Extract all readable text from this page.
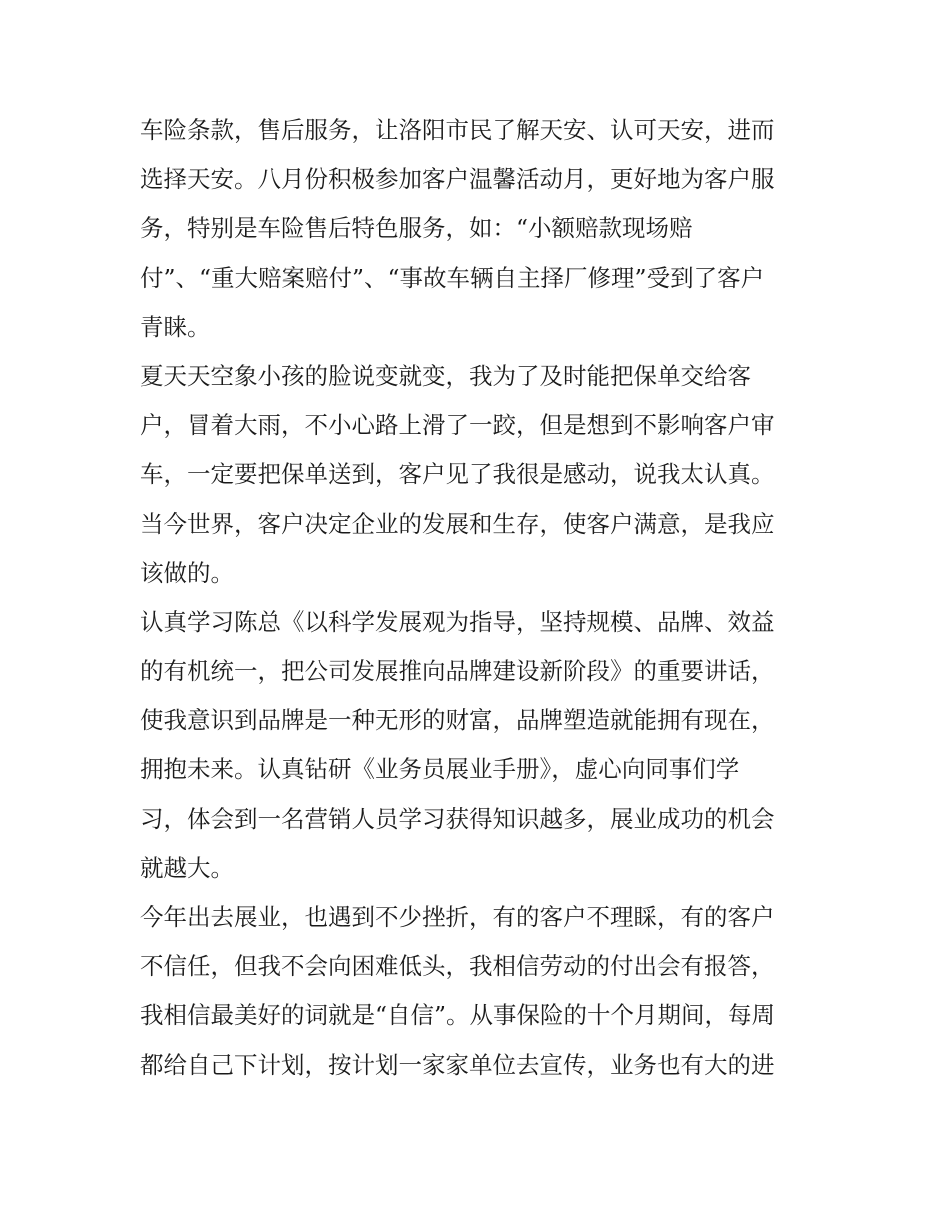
车险条款，售后服务，让洛阳市民了解天安、认可天安，进而
选择天安。八月份积极参加客户温馨活动月，更好地为客户服
务，特别是车险售后特色服务，如：“小额赔款现场赔
付”、“重大赔案赔付”、“事故车辆自主择厂修理”受到了客户
青睐。
夏天天空象小孩的脸说变就变，我为了及时能把保单交给客
户，冒着大雨，不小心路上滑了一跤，但是想到不影响客户审
车，一定要把保单送到，客户见了我很是感动，说我太认真。
当今世界，客户决定企业的发展和生存，使客户满意，是我应
该做的。
认真学习陈总《以科学发展观为指导，坚持规模、品牌、效益
的有机统一，把公司发展推向品牌建设新阶段》的重要讲话，
使我意识到品牌是一种无形的财富，品牌塑造就能拥有现在，
拥抱未来。认真钻研《业务员展业手册》，虚心向同事们学
习，体会到一名营销人员学习获得知识越多，展业成功的机会
就越大。
今年出去展业，也遇到不少挫折，有的客户不理睬，有的客户
不信任，但我不会向困难低头，我相信劳动的付出会有报答，
我相信最美好的词就是“自信”。从事保险的十个月期间，每周
都给自己下计划，按计划一家家单位去宣传，业务也有大的进
